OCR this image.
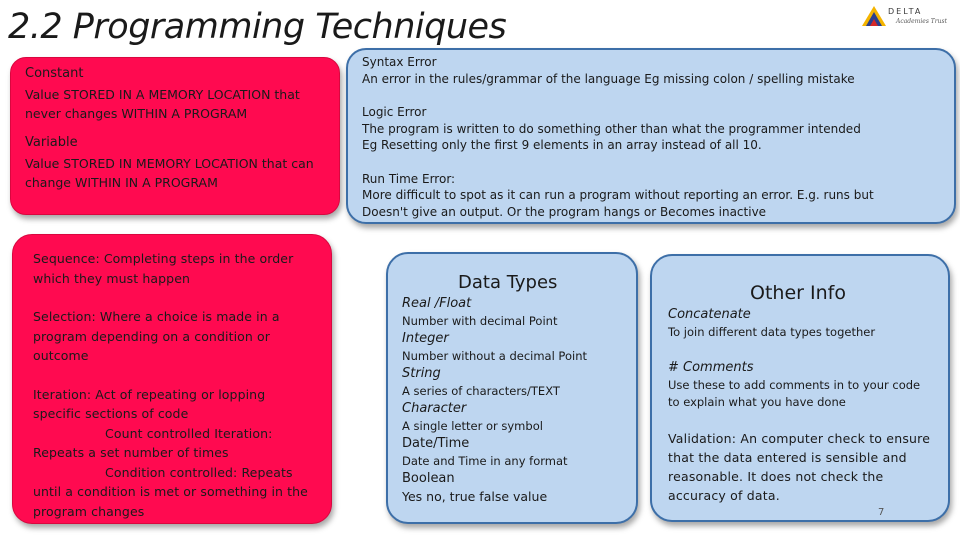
2.2 Programming Techniques	DELTA
Academies Trust
Constant
Value STORED IN A MEMORY LOCATION that never changes WITHIN A PROGRAM
Variable
Value STORED IN MEMORY LOCATION that can change WITHIN IN A PROGRAM

Sequence: Completing steps in the order which they must happen

Selection: Where a choice is made in a program depending on a condition or outcome

Iteration: Act of repeating or lopping specific sections of code

Count controlled Iteration:

Repeats a set number of times

Condition controlled: Repeats until a condition is met or something in the program changes

Syntax Error

An error in the rules/grammar of the language Eg missing colon / spelling mistake

Logic Error

The program is written to do something other than what the programmer intended

Eg Resetting only the first 9 elements in an array instead of all 10.

Run Time Error:

More difficult to spot as it can run a program without reporting an error. E.g. runs but

Doesn't give an output. Or the program hangs or Becomes inactive

Data Types

Real /Float

Number with decimal Point

Integer

Number without a decimal Point

String

A series of characters/TEXT

Character

A single letter or symbol

Date/Time

Date and Time in any format

Boolean

Yes no, true false value

Other Info

Concatenate

To join different data types together

# Comments

Use these to add comments in to your code to explain what you have done

Validation: An computer check to ensure that the data entered is sensible and reasonable. It does not check the accuracy of data.

7
